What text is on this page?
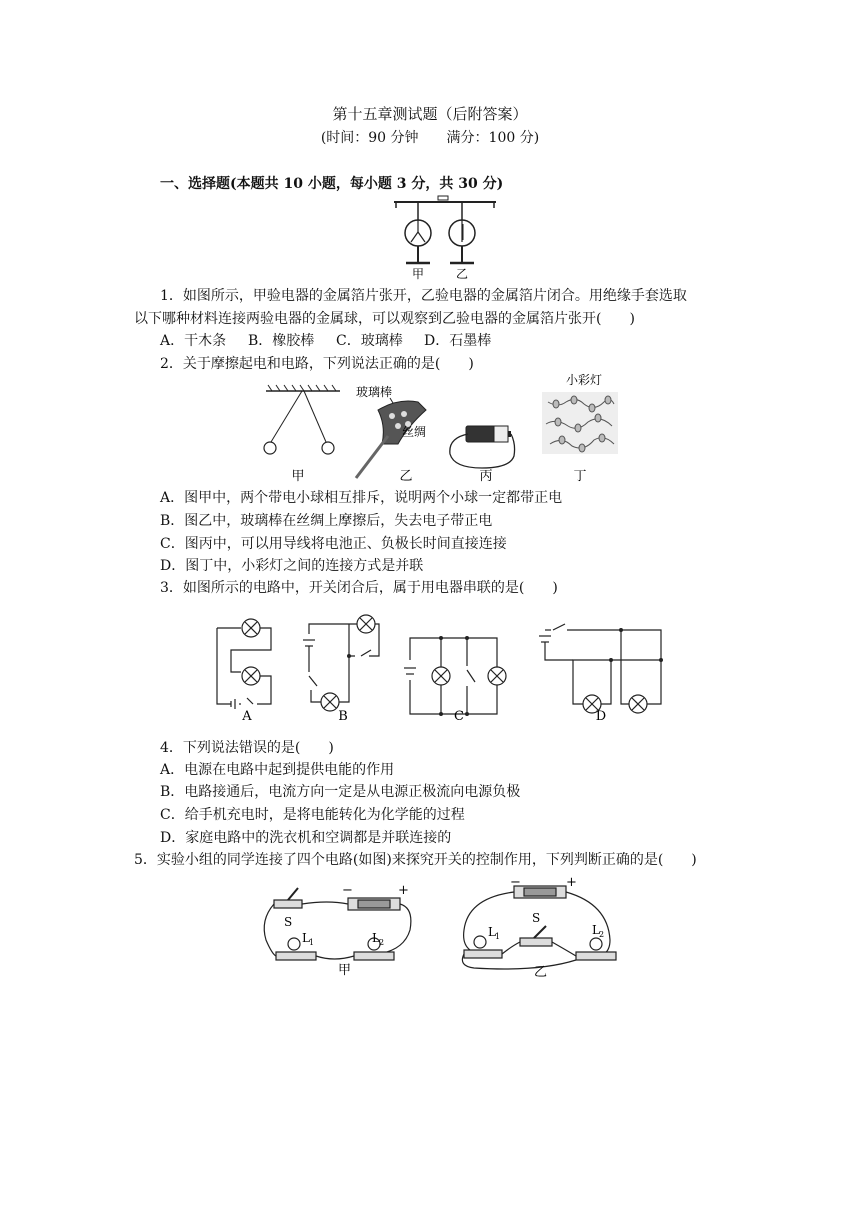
第十五章测试题（后附答案）
(时间：90 分钟　　满分：100 分)
一、选择题(本题共 10 小题，每小题 3 分，共 30 分)
甲	乙
1．如图所示，甲验电器的金属箔片张开，乙验电器的金属箔片闭合。用绝缘手套选取
以下哪种材料连接两验电器的金属球，可以观察到乙验电器的金属箔片张开(　　)
A．干木条 B．橡胶棒 C．玻璃棒 D．石墨棒
2．关于摩擦起电和电路，下列说法正确的是(　　)
玻璃棒
丝绸
小彩灯
甲	乙	丙	丁
A．图甲中，两个带电小球相互排斥，说明两个小球一定都带正电
B．图乙中，玻璃棒在丝绸上摩擦后，失去电子带正电
C．图丙中，可以用导线将电池正、负极长时间直接连接
D．图丁中，小彩灯之间的连接方式是并联
3．如图所示的电路中，开关闭合后，属于用电器串联的是(　　)
A	B	C	D
4．下列说法错误的是(　　)
A．电源在电路中起到提供电能的作用
B．电路接通后，电流方向一定是从电源正极流向电源负极
C．给手机充电时，是将电能转化为化学能的过程
D．家庭电路中的洗衣机和空调都是并联连接的
5．实验小组的同学连接了四个电路(如图)来探究开关的控制作用，下列判断正确的是(　　)
−	+
S
L 1	L 2
−	+
S
L 1	L 2
甲	乙
